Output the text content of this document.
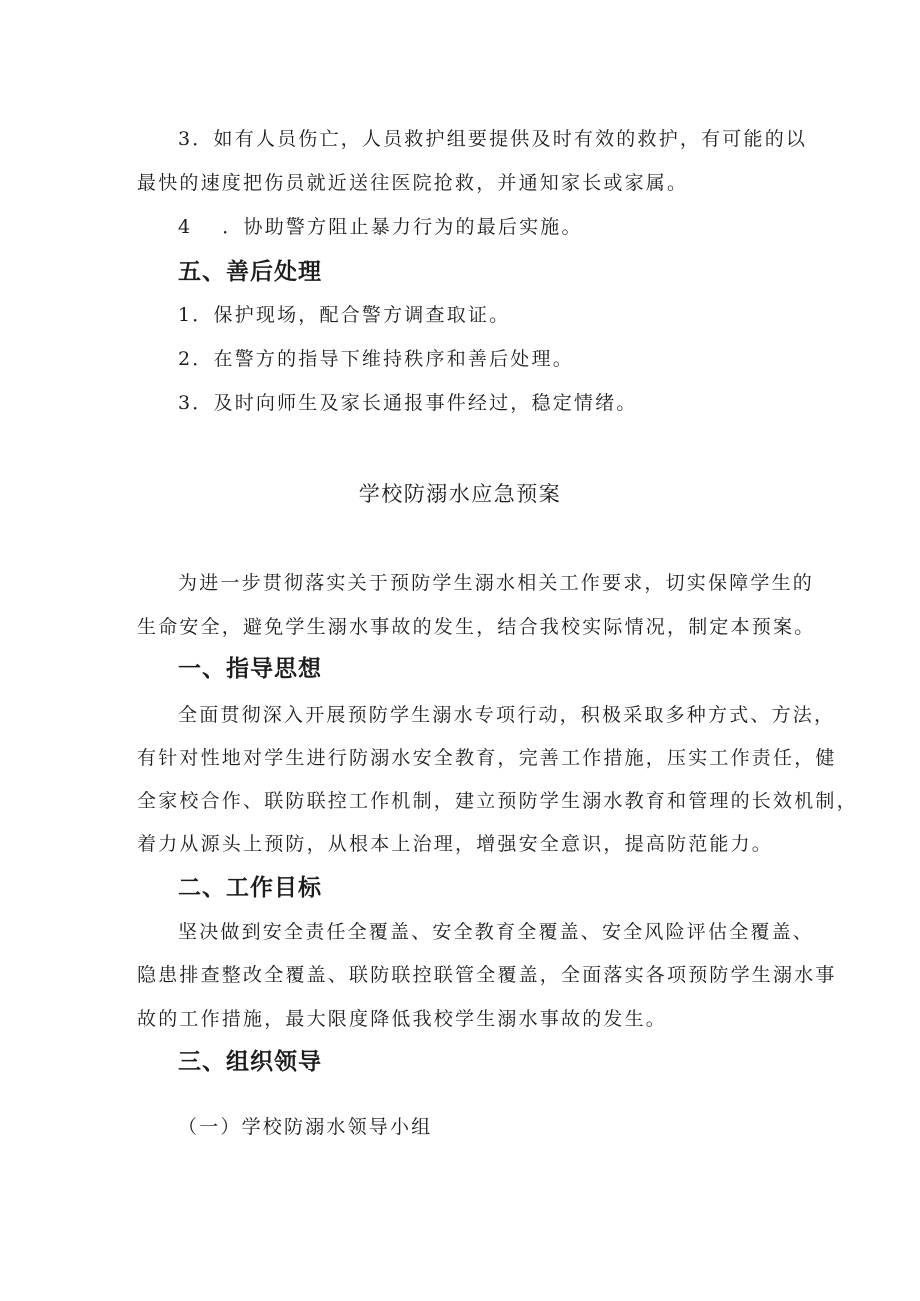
3．如有人员伤亡，人员救护组要提供及时有效的救护，有可能的以
最快的速度把伤员就近送往医院抢救，并通知家长或家属。
4 ．协助警方阻止暴力行为的最后实施。
五、善后处理
1．保护现场，配合警方调查取证。
2．在警方的指导下维持秩序和善后处理。
3．及时向师生及家长通报事件经过，稳定情绪。
学校防溺水应急预案
为进一步贯彻落实关于预防学生溺水相关工作要求，切实保障学生的
生命安全，避免学生溺水事故的发生，结合我校实际情况，制定本预案。
一、指导思想
全面贯彻深入开展预防学生溺水专项行动，积极采取多种方式、方法，
有针对性地对学生进行防溺水安全教育，完善工作措施，压实工作责任，健
全家校合作、联防联控工作机制，建立预防学生溺水教育和管理的长效机制，
着力从源头上预防，从根本上治理，增强安全意识，提高防范能力。
二、工作目标
坚决做到安全责任全覆盖、安全教育全覆盖、安全风险评估全覆盖、
隐患排查整改全覆盖、联防联控联管全覆盖，全面落实各项预防学生溺水事
故的工作措施，最大限度降低我校学生溺水事故的发生。
三、组织领导
（一）学校防溺水领导小组
